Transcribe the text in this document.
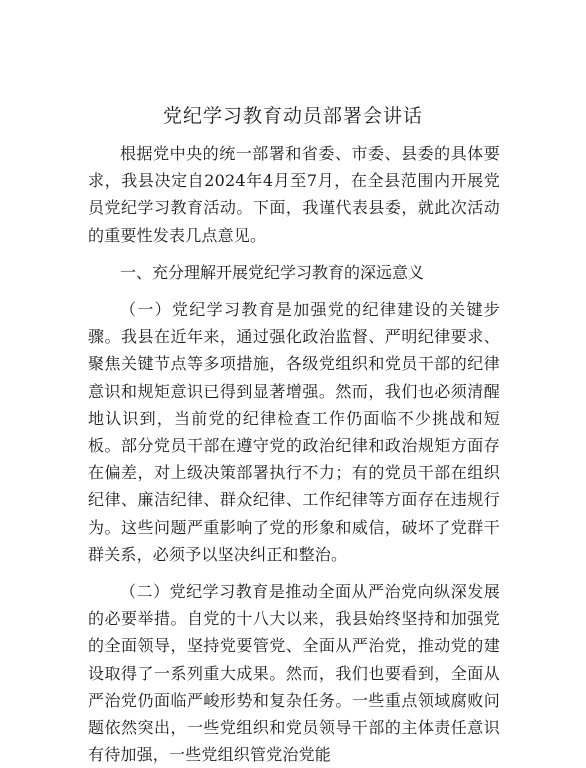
党纪学习教育动员部署会讲话

根据党中央的统一部署和省委、市委、县委的具体要求，我县决定自2024年4月至7月，在全县范围内开展党员党纪学习教育活动。下面，我谨代表县委，就此次活动的重要性发表几点意见。

一、充分理解开展党纪学习教育的深远意义

（一）党纪学习教育是加强党的纪律建设的关键步骤。我县在近年来，通过强化政治监督、严明纪律要求、聚焦关键节点等多项措施，各级党组织和党员干部的纪律意识和规矩意识已得到显著增强。然而，我们也必须清醒地认识到，当前党的纪律检查工作仍面临不少挑战和短板。部分党员干部在遵守党的政治纪律和政治规矩方面存在偏差，对上级决策部署执行不力；有的党员干部在组织纪律、廉洁纪律、群众纪律、工作纪律等方面存在违规行为。这些问题严重影响了党的形象和威信，破坏了党群干群关系，必须予以坚决纠正和整治。

（二）党纪学习教育是推动全面从严治党向纵深发展的必要举措。自党的十八大以来，我县始终坚持和加强党的全面领导，坚持党要管党、全面从严治党，推动党的建设取得了一系列重大成果。然而，我们也要看到，全面从严治党仍面临严峻形势和复杂任务。一些重点领域腐败问题依然突出，一些党组织和党员领导干部的主体责任意识有待加强，一些党组织管党治党能
